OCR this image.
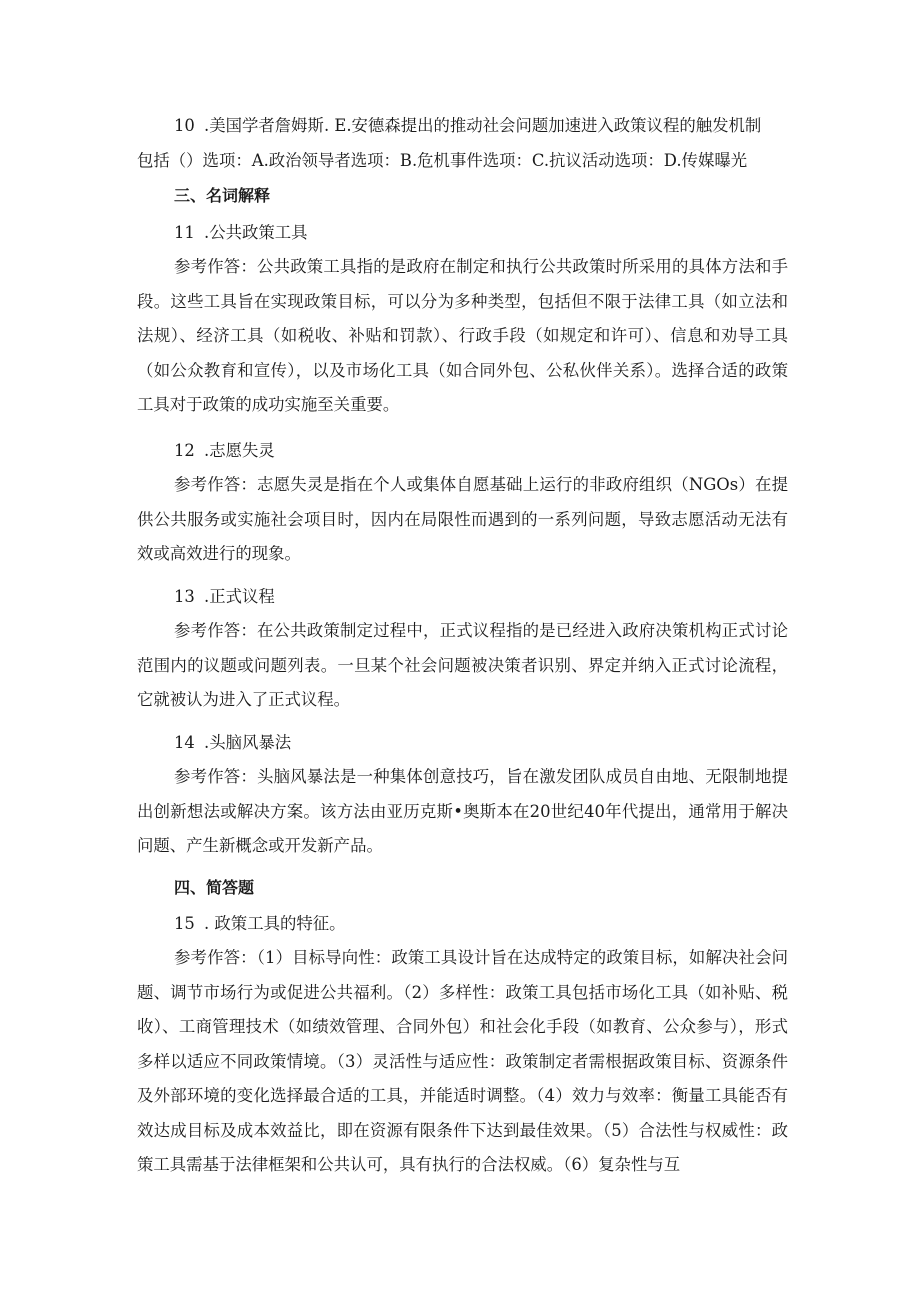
10 .美国学者詹姆斯. E.安德森提出的推动社会问题加速进入政策议程的触发机制
包括（）选项：A.政治领导者选项：B.危机事件选项：C.抗议活动选项：D.传媒曝光
三、名词解释
11 .公共政策工具
参考作答：公共政策工具指的是政府在制定和执行公共政策时所采用的具体方法和手段。这些工具旨在实现政策目标，可以分为多种类型，包括但不限于法律工具（如立法和法规）、经济工具（如税收、补贴和罚款）、行政手段（如规定和许可）、信息和劝导工具（如公众教育和宣传），以及市场化工具（如合同外包、公私伙伴关系）。选择合适的政策工具对于政策的成功实施至关重要。
12 .志愿失灵
参考作答：志愿失灵是指在个人或集体自愿基础上运行的非政府组织（NGOs）在提供公共服务或实施社会项目时，因内在局限性而遇到的一系列问题，导致志愿活动无法有效或高效进行的现象。
13 .正式议程
参考作答：在公共政策制定过程中，正式议程指的是已经进入政府决策机构正式讨论范围内的议题或问题列表。一旦某个社会问题被决策者识别、界定并纳入正式讨论流程，它就被认为进入了正式议程。
14 .头脑风暴法
参考作答：头脑风暴法是一种集体创意技巧，旨在激发团队成员自由地、无限制地提出创新想法或解决方案。该方法由亚历克斯•奥斯本在20世纪40年代提出，通常用于解决问题、产生新概念或开发新产品。
四、简答题
15 . 政策工具的特征。
参考作答：（1）目标导向性：政策工具设计旨在达成特定的政策目标，如解决社会问题、调节市场行为或促进公共福利。（2）多样性：政策工具包括市场化工具（如补贴、税收）、工商管理技术（如绩效管理、合同外包）和社会化手段（如教育、公众参与），形式多样以适应不同政策情境。（3）灵活性与适应性：政策制定者需根据政策目标、资源条件及外部环境的变化选择最合适的工具，并能适时调整。（4）效力与效率：衡量工具能否有效达成目标及成本效益比，即在资源有限条件下达到最佳效果。（5）合法性与权威性：政策工具需基于法律框架和公共认可，具有执行的合法权威。（6）复杂性与互
